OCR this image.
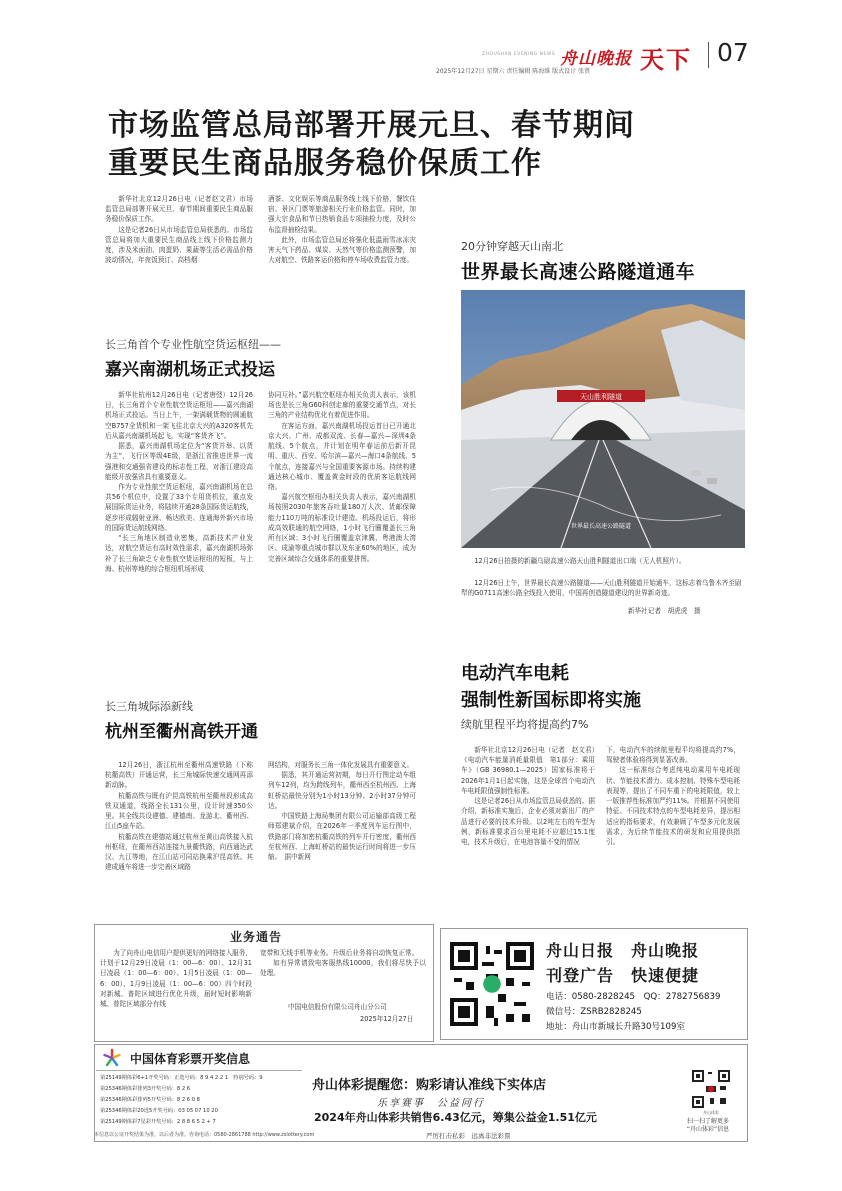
ZHOUSHAN EVENING NEWS 舟山晚报 天下 07
2025年12月27日 星期六 责任编辑 陈海维 版式设计 张贤
市场监管总局部署开展元旦、春节期间
重要民生商品服务稳价保质工作

新华社北京12月26日电（记者赵文君）市场监管总局部署开展元旦、春节期间重要民生商品服务稳价保质工作。

这是记者26日从市场监管总局获悉的。市场监管总局将加大重要民生商品线上线下价格监测力度，涉及米面油、肉蛋奶、果蔬等生活必需品价格波动情况，年夜饭预订、高档烟

酒茶、文化娱乐等商品服务线上线下价格，餐饮住宿、景区门票等旅游相关行业价格监管。同时，加强大宗食品和节日热销食品专项抽检力度，及时公布监督抽检结果。

此外，市场监管总局还将强化低温雨雪冰冻灾害天气下药品、煤炭、天然气等价格监测预警，加大对航空、铁路客运价格和停车场收费监管力度。

20分钟穿越天山南北
世界最长高速公路隧道通车
天山胜利隧道
世界最长高速公路隧道
12月26日拍摄的新疆乌尉高速公路天山胜利隧道出口端（无人机照片）。
12月26日上午，世界最长高速公路隧道——天山胜利隧道开始通车，这标志着乌鲁木齐至尉犁的G0711高速公路全线投入使用，中国再创造隧道建设的世界新奇迹。
新华社记者　胡虎虎　摄
长三角首个专业性航空货运枢纽——
嘉兴南湖机场正式投运

新华社杭州12月26日电（记者唐弢）12月26日，长三角首个专业性航空货运枢纽——嘉兴南湖机场正式投运。当日上午，一架满载货物的圆通航空B757全货机和一架飞往北京大兴的A320客机先后从嘉兴南湖机场起飞，实现“客货齐飞”。

据悉，嘉兴南湖机场定位为“客货并举、以货为主”，飞行区等级4E级，是浙江省推进世界一流强港和交通强省建设的标志性工程，对浙江建设高能级开放强省具有重要意义。

作为专业性航空货运枢纽，嘉兴南湖机场在总共56个机位中，设置了33个专用货机位，重点发展国际货运业务，将陆续开通28条国际货运航线，逐步形成辐射亚洲、畅达欧美、连通海外新兴市场的国际货运航线网络。

“长三角地区制造业密集，高新技术产业发达，对航空货运有高时效性需求，嘉兴南湖机场弥补了长三角缺乏专业性航空货运枢纽的短板，与上海、杭州等地的综合枢纽机场形成

协同互补。”嘉兴航空枢纽办相关负责人表示，该机场也是长三角G60科创走廊的重要交通节点，对长三角的产业结构优化有着促进作用。

在客运方面，嘉兴南湖机场投运首日已开通北京大兴、广州、成都双流、长春—嘉兴—深圳4条航线、5个航点，并计划在明年春运前后新开昆明、重庆、西安、哈尔滨—嘉兴—海口4条航线、5个航点，连接嘉兴与全国重要客源市场。持续构建通达核心城市、覆盖黄金时段的优质客运航线网络。

嘉兴航空枢纽办相关负责人表示，嘉兴南湖机场按照2030年旅客吞吐量180万人次、货邮保障能力110万吨的标准设计建造。机场投运后，将形成高效联通的航空网络，1小时飞行圈覆盖长三角所有区域；3小时飞行圈覆盖京津冀、粤港澳大湾区、成渝等重点城市群以及东亚60%的地区，成为完善区域综合交通体系的重要拼图。

长三角城际添新线
杭州至衢州高铁开通

12月26日，浙江杭州至衢州高速铁路（下称杭衢高铁）开通运营，长三角城际快速交通网再添新动脉。

杭衢高铁与既有沪昆高铁杭州至衢州段形成高铁双通道，线路全长131公里，设计时速350公里。其全线共设建德、建德南、龙游北、衢州西、江山5座车站。

杭衢高铁在建德站通过杭州至黄山高铁接入杭州枢纽，在衢州西站连接九景衢铁路，向西通达武汉、九江等地，在江山站可同站换乘沪昆高铁。其建成通车将进一步完善区域路

网结构，对服务长三角一体化发展具有重要意义。

据悉，其开通运营初期，每日开行图定动车组列车12列，均为跨线列车，衢州西至杭州西、上海虹桥站最快分别为1小时13分钟、2小时37分钟可达。

中国铁路上海局集团有限公司运输部高级工程师郑建斌介绍，在2026年一季度列车运行图中，铁路部门将加密杭衢高铁的列车开行密度，衢州西至杭州西、上海虹桥站的最快运行时间将进一步压缩。　据中新网

电动汽车电耗
强制性新国标即将实施
续航里程平均将提高约7%

新华社北京12月26日电（记者　赵文君）《电动汽车能量消耗量限值　第1部分：乘用车》（GB 36980.1—2025）国家标准将于2026年1月1日起实施，这是全球首个电动汽车电耗限值强制性标准。

这是记者26日从市场监管总局获悉的。据介绍，新标准实施后，企业必须对新出厂的产品进行必要的技术升级。以2吨左右的车型为例，新标准要求百公里电耗不应超过15.1度电，技术升级后，在电池容量不变的情况

下，电动汽车的续航里程平均将提高约7%，驾驶者体验将得到显著改善。

这一标准综合考虑纯电动乘用车电耗现状、节能技术潜力、成本控制、特殊车型电耗表现等，提出了不同车重下的电耗限值，较上一版推荐性标准加严约11%。并根据不同使用特征、不同技术特点的车型电耗差异，提出相适应的指标要求，有效兼顾了车型多元化发展需求，为后续节能技术的研发和应用提供指引。

业务通告
为了向舟山电信用户提供更好的网络接入服务，计划于12月29日凌晨（1：00—6：00）、12月31日凌晨（1：00—6：00）、1月5日凌晨（1：00—6：00）、1月9日凌晨（1：00—6：00）四个时段对新城、普陀区域进行优化升级，届时短时影响新城、普陀区域部分有线

宽带和无线手机等业务。升级后业务将自动恢复正常。

如有异常请致电客服热线10000，我们将尽快予以处理。

中国电信股份有限公司舟山分公司
2025年12月27日
舟山日报　舟山晚报
刊登广告　快速便捷
电话：0580-2828245　QQ：2782756839
微信号：ZSRB2828245
地址：舟山市新城长升路30号109室
中国体育彩票开奖信息
第25149期体彩6+1开奖号码：正选号码：8 9 4 2 2 1　特别号码：9
第25346期体彩排列3开奖号码：8 2 6
第25346期体彩排列5开奖号码：8 2 6 0 8
第25346期体彩20选5开奖号码：03 05 07 10 20
第25149期体彩7星彩开奖号码：2 8 8 6 5 2 + 7
本信息以公证开奖结果为准，以后者为准。咨询电话：0580-2861788 http://www.zslottery.com
舟山体彩提醒您：购彩请认准线下实体店
乐享赛事　公益同行
2024年舟山体彩共销售6.43亿元，筹集公益金1.51亿元
严厉打击私彩　远离非法彩票
舟山体彩
扫一扫了解更多
“舟山体彩”信息
